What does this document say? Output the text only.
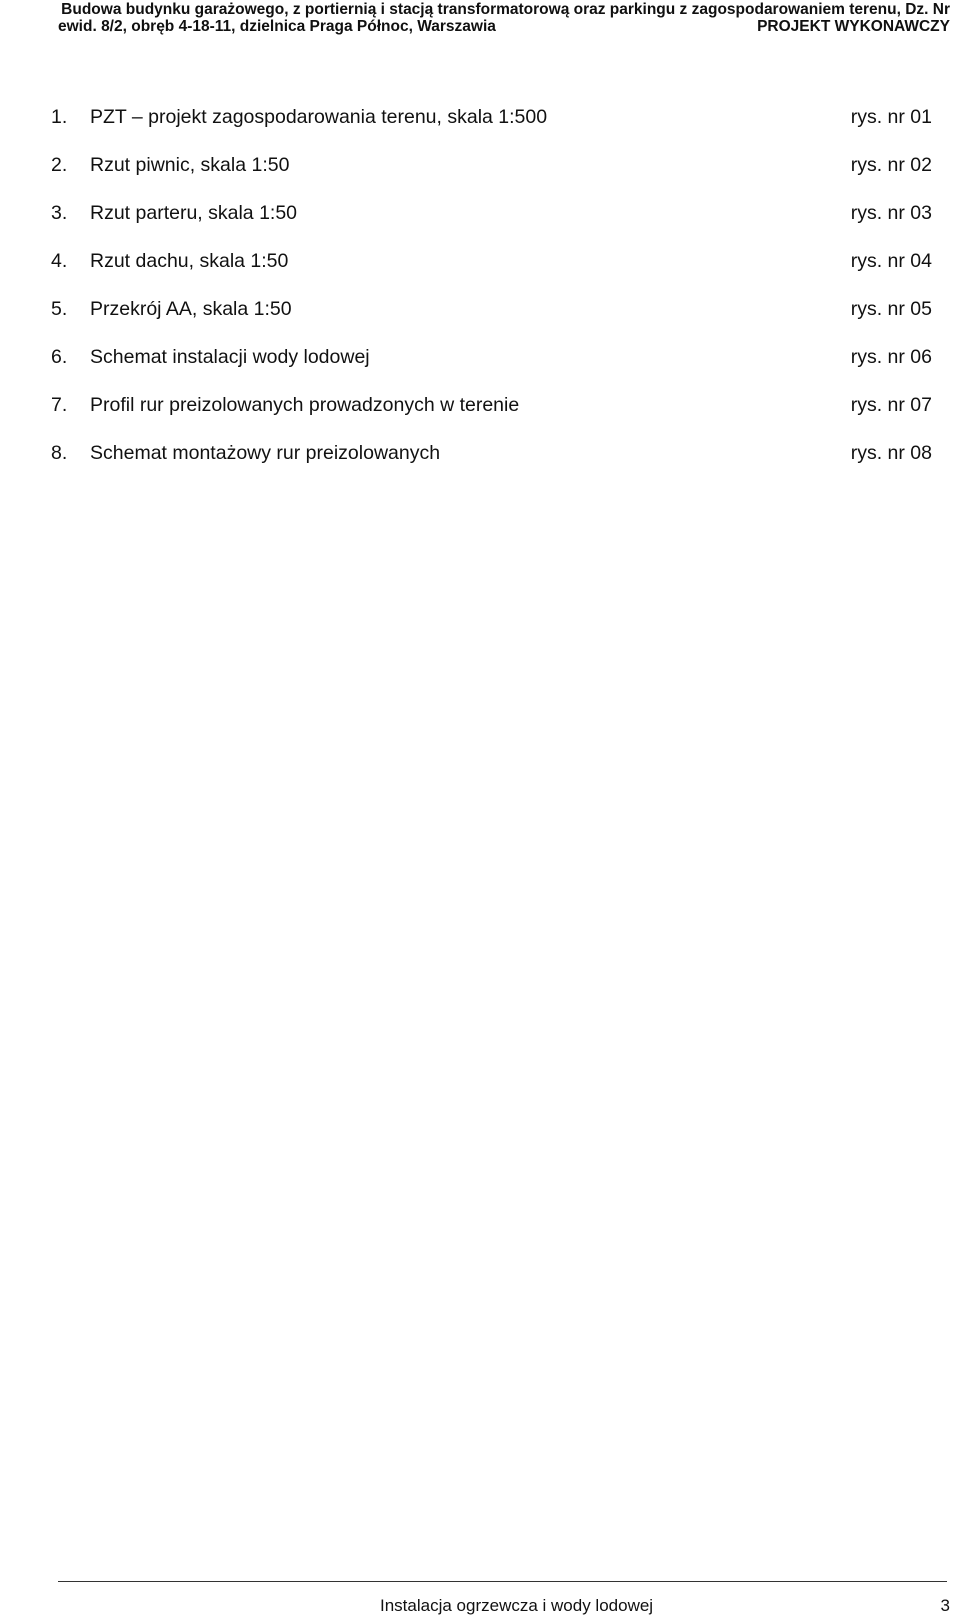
Budowa budynku garażowego, z portiernią i stacją transformatorową oraz parkingu z zagospodarowaniem terenu, Dz. Nr
ewid. 8/2, obręb 4-18-11, dzielnica Praga Północ, Warszawia	PROJEKT WYKONAWCZY
1. PZT – projekt zagospodarowania terenu, skala 1:500	rys. nr 01
2. Rzut piwnic, skala 1:50	rys. nr 02
3. Rzut parteru, skala 1:50	rys. nr 03
4. Rzut dachu, skala 1:50	rys. nr 04
5. Przekrój AA, skala 1:50	rys. nr 05
6. Schemat instalacji wody lodowej	rys. nr 06
7. Profil rur preizolowanych prowadzonych w terenie	rys. nr 07
8. Schemat montażowy rur preizolowanych	rys. nr 08
Instalacja ogrzewcza i wody lodowej	3
